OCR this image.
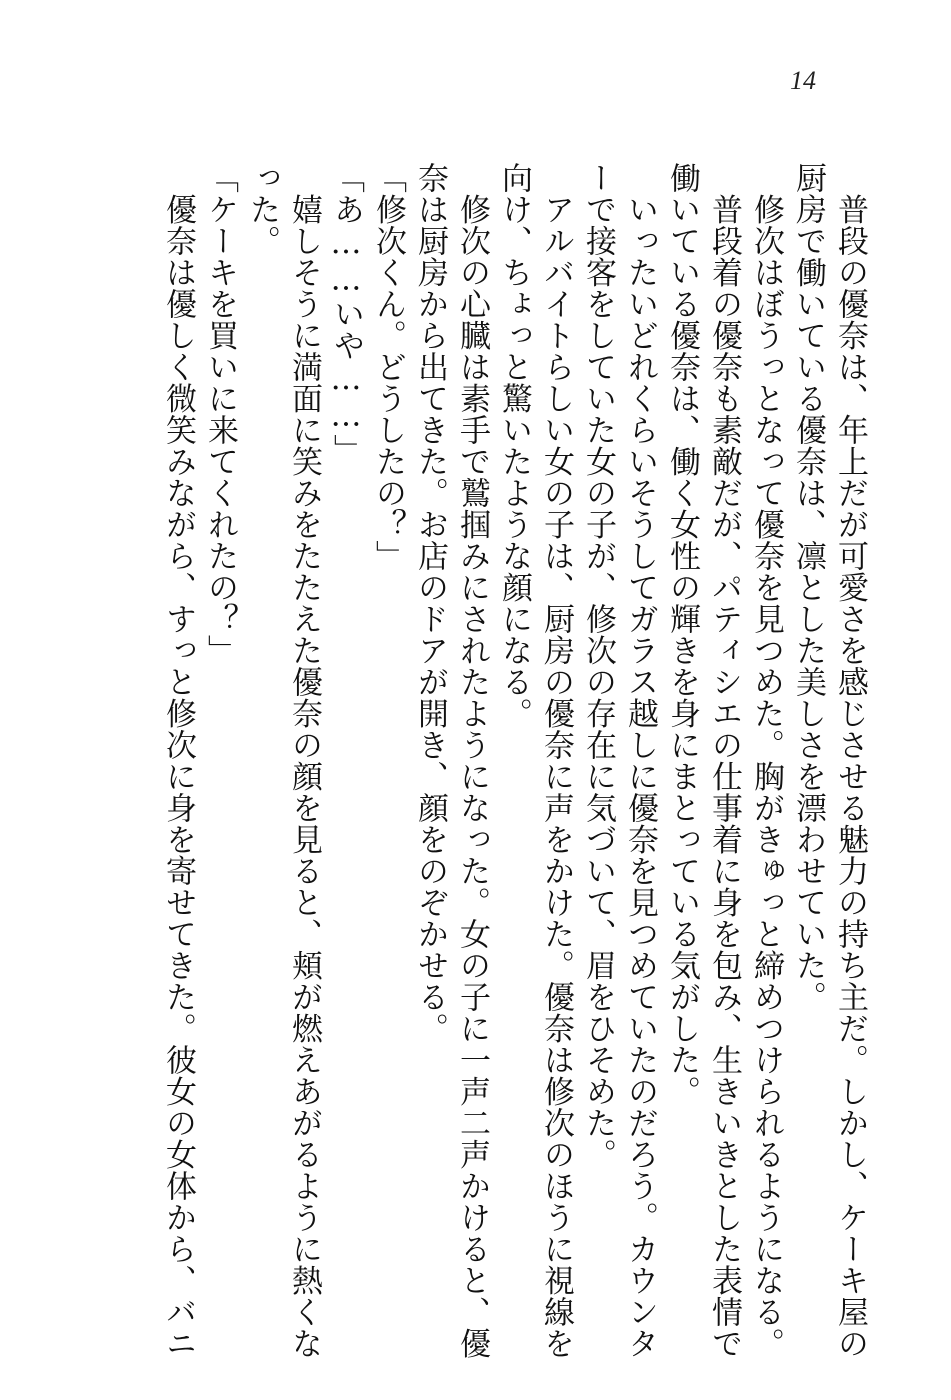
14
　普段の優奈は、年上だが可愛さを感じさせる魅力の持ち主だ。しかし、ケーキ屋の
厨房で働いている優奈は、凛とした美しさを漂わせていた。
　修次はぼうっとなって優奈を見つめた。胸がきゅっと締めつけられるようになる。
　普段着の優奈も素敵だが、パティシエの仕事着に身を包み、生きいきとした表情で
働いている優奈は、働く女性の輝きを身にまとっている気がした。
　いったいどれくらいそうしてガラス越しに優奈を見つめていたのだろう。カウンタ
ーで接客をしていた女の子が、修次の存在に気づいて、眉をひそめた。
　アルバイトらしい女の子は、厨房の優奈に声をかけた。優奈は修次のほうに視線を
向け、ちょっと驚いたような顔になる。
　修次の心臓は素手で鷲掴みにされたようになった。女の子に一声二声かけると、優
奈は厨房から出てきた。お店のドアが開き、顔をのぞかせる。
「修次くん。どうしたの？」
「あ……いや……」
　嬉しそうに満面に笑みをたたえた優奈の顔を見ると、頬が燃えあがるように熱くな
った。
「ケーキを買いに来てくれたの？」
　優奈は優しく微笑みながら、すっと修次に身を寄せてきた。彼女の女体から、バニ
